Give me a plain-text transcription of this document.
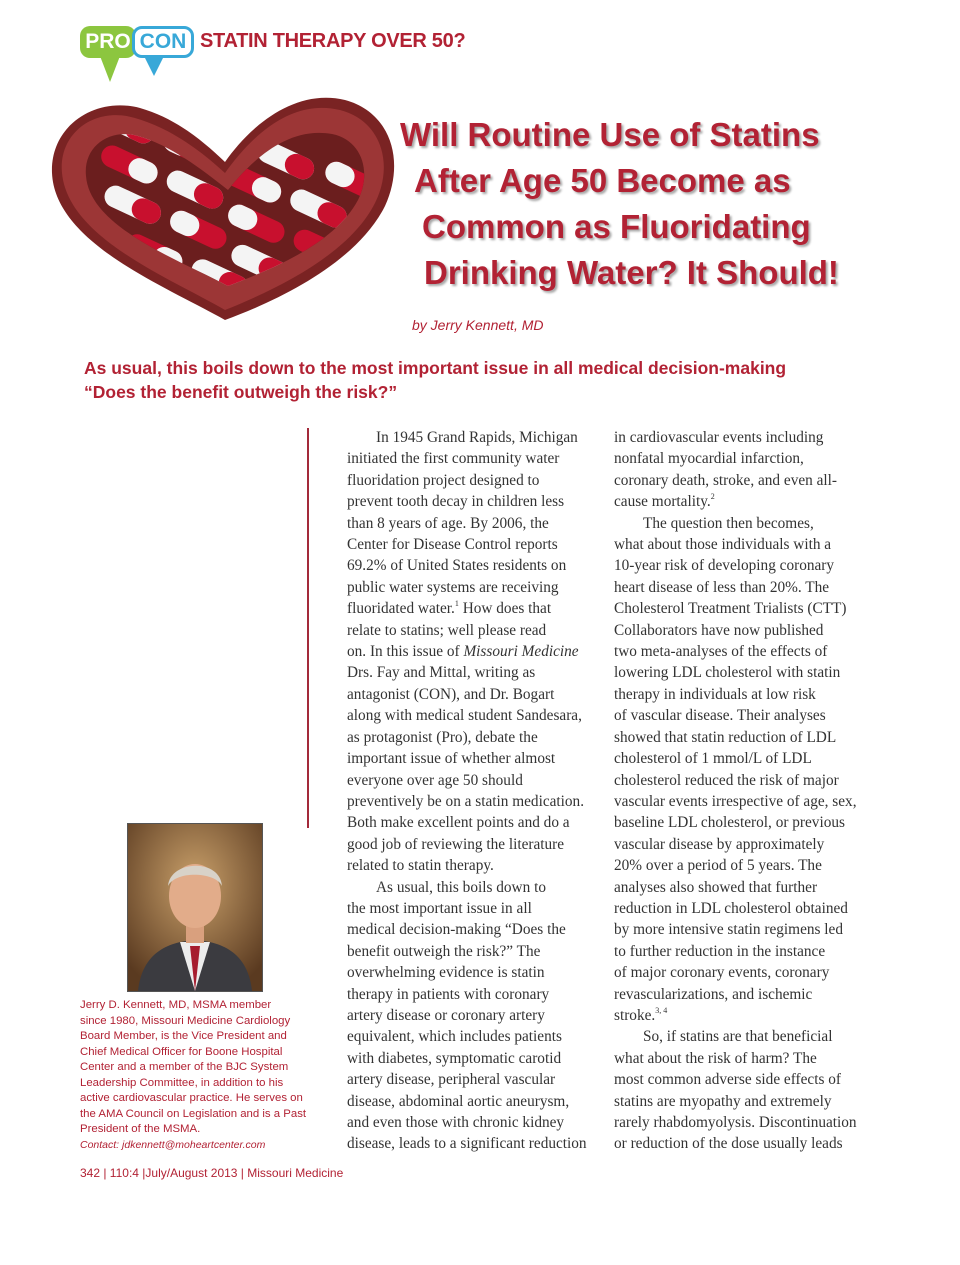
PRO CON STATIN THERAPY OVER 50?
Will Routine Use of Statins
After Age 50 Become as
Common as Fluoridating
Drinking Water? It Should!
by Jerry Kennett, MD
As usual, this boils down to the most important issue in all medical decision-making
“Does the benefit outweigh the risk?”
In 1945 Grand Rapids, Michigan
initiated the first community water
fluoridation project designed to
prevent tooth decay in children less
than 8 years of age. By 2006, the
Center for Disease Control reports
69.2% of United States residents on
public water systems are receiving
fluoridated water.$^1$ How does that
relate to statins; well please read
on. In this issue of Missouri Medicine
Drs. Fay and Mittal, writing as
antagonist (CON), and Dr. Bogart
along with medical student Sandesara,
as protagonist (Pro), debate the
important issue of whether almost
everyone over age 50 should
preventively be on a statin medication.
Both make excellent points and do a
good job of reviewing the literature
related to statin therapy.
As usual, this boils down to
the most important issue in all
medical decision-making “Does the
benefit outweigh the risk?” The
overwhelming evidence is statin
therapy in patients with coronary
artery disease or coronary artery
equivalent, which includes patients
with diabetes, symptomatic carotid
artery disease, peripheral vascular
disease, abdominal aortic aneurysm,
and even those with chronic kidney
disease, leads to a significant reduction
in cardiovascular events including
nonfatal myocardial infarction,
coronary death, stroke, and even all-
cause mortality.$^2$
The question then becomes,
what about those individuals with a
10-year risk of developing coronary
heart disease of less than 20%. The
Cholesterol Treatment Trialists (CTT)
Collaborators have now published
two meta-analyses of the effects of
lowering LDL cholesterol with statin
therapy in individuals at low risk
of vascular disease. Their analyses
showed that statin reduction of LDL
cholesterol of 1 mmol/L of LDL
cholesterol reduced the risk of major
vascular events irrespective of age, sex,
baseline LDL cholesterol, or previous
vascular disease by approximately
20% over a period of 5 years. The
analyses also showed that further
reduction in LDL cholesterol obtained
by more intensive statin regimens led
to further reduction in the instance
of major coronary events, coronary
revascularizations, and ischemic
stroke.$^{3, 4}$
So, if statins are that beneficial
what about the risk of harm? The
most common adverse side effects of
statins are myopathy and extremely
rarely rhabdomyolysis. Discontinuation
or reduction of the dose usually leads
Jerry D. Kennett, MD, MSMA member
since 1980, Missouri Medicine Cardiology
Board Member, is the Vice President and
Chief Medical Officer for Boone Hospital
Center and a member of the BJC System
Leadership Committee, in addition to his
active cardiovascular practice. He serves on
the AMA Council on Legislation and is a Past
President of the MSMA.
Contact: jdkennett@moheartcenter.com
342 | 110:4 |July/August 2013 | Missouri Medicine
